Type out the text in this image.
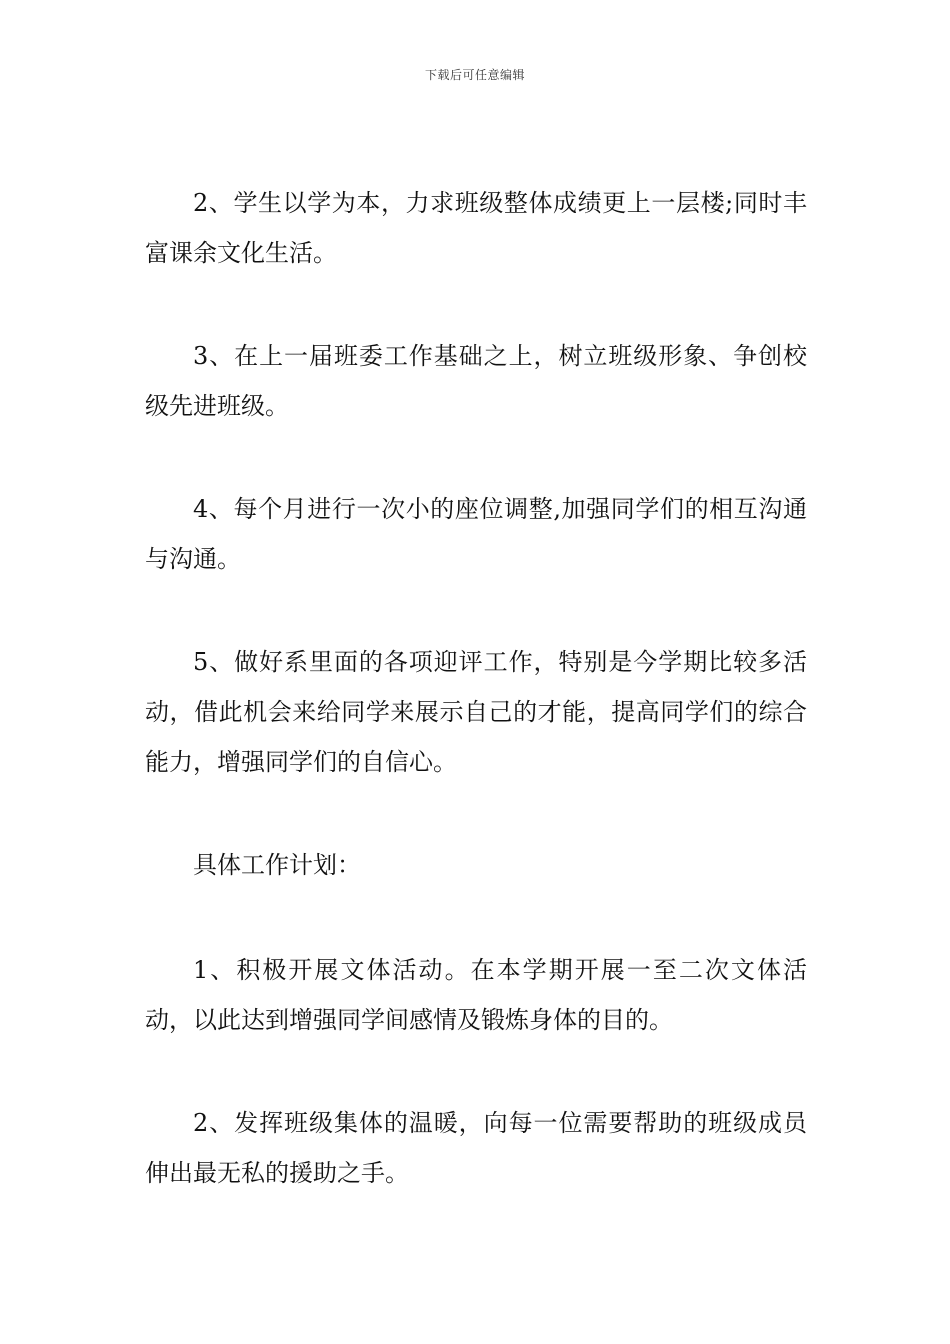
下载后可任意编辑

2、学生以学为本，力求班级整体成绩更上一层楼;同时丰富课余文化生活。

3、在上一届班委工作基础之上，树立班级形象、争创校级先进班级。

4、每个月进行一次小的座位调整,加强同学们的相互沟通与沟通。

5、做好系里面的各项迎评工作，特别是今学期比较多活动，借此机会来给同学来展示自己的才能，提高同学们的综合能力，增强同学们的自信心。

具体工作计划：

1、积极开展文体活动。在本学期开展一至二次文体活动，以此达到增强同学间感情及锻炼身体的目的。

2、发挥班级集体的温暖，向每一位需要帮助的班级成员伸出最无私的援助之手。
